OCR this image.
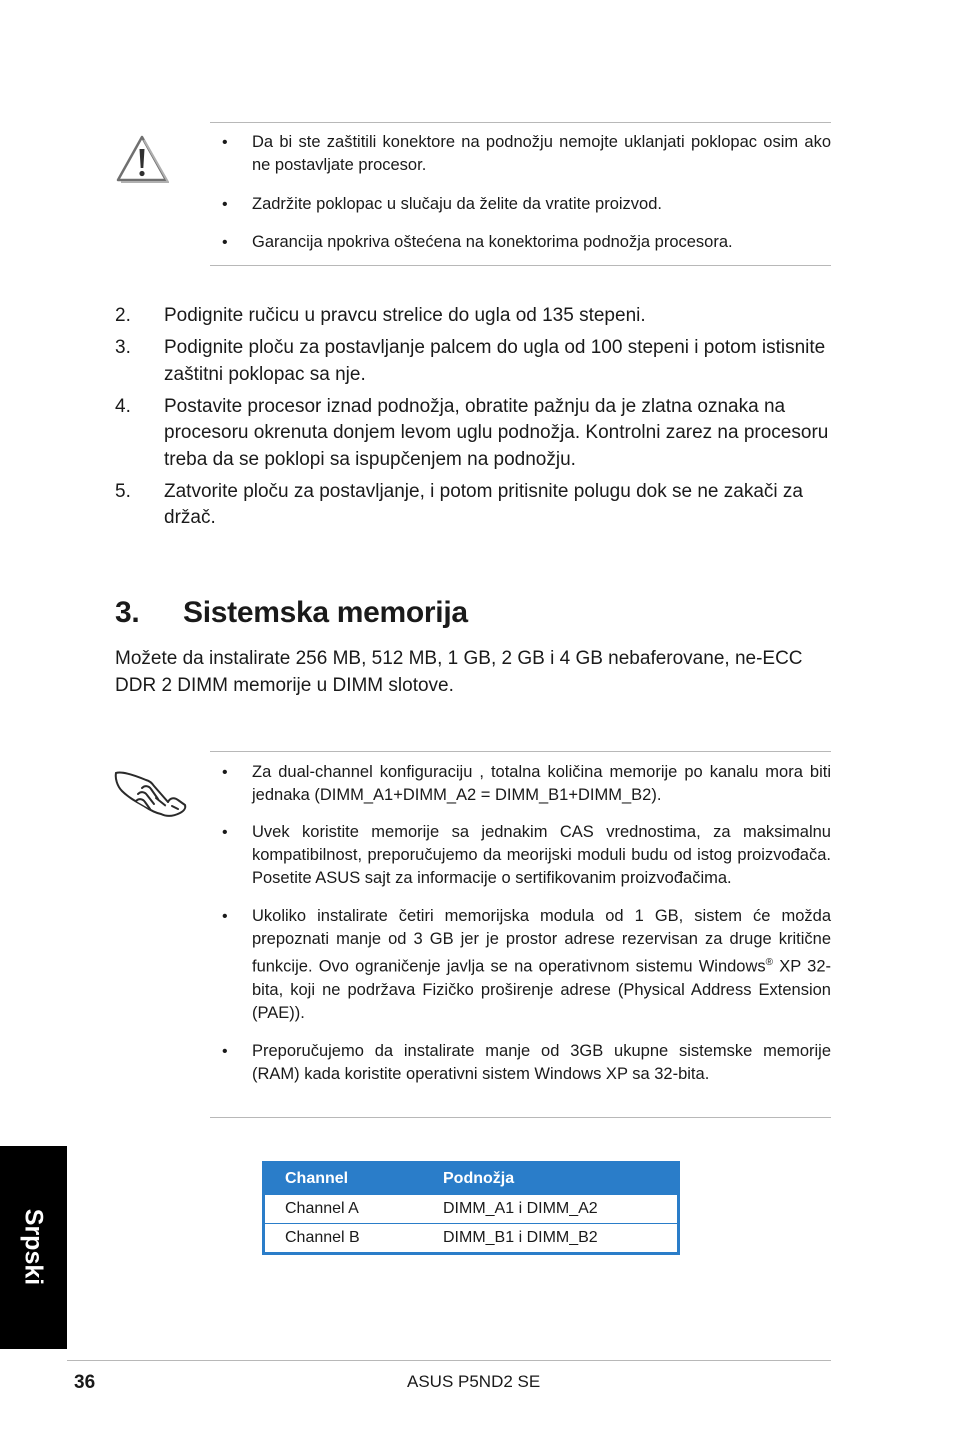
• Da bi ste zaštitili konektore na podnožju nemojte uklanjati poklopac osim ako ne postavljate procesor.
• Zadržite poklopac u slučaju da želite da vratite proizvod.
• Garancija npokriva oštećena na konektorima podnožja procesora.
2. Podignite ručicu u pravcu strelice do ugla od 135 stepeni.
3. Podignite ploču za postavljanje palcem do ugla od 100 stepeni i potom istisnite zaštitni poklopac sa nje.
4. Postavite procesor iznad podnožja, obratite pažnju da je zlatna oznaka na procesoru okrenuta donjem levom uglu podnožja. Kontrolni zarez na procesoru treba da se poklopi sa ispupčenjem na podnožju.
5. Zatvorite ploču za postavljanje, i potom pritisnite polugu dok se ne zakači za držač.
3. Sistemska memorija
Možete da instalirate 256 MB, 512 MB, 1 GB, 2 GB i 4 GB nebaferovane, ne-ECC DDR 2 DIMM memorije u DIMM slotove.
• Za dual-channel konfiguraciju , totalna količina memorije po kanalu mora biti jednaka (DIMM_A1+DIMM_A2 = DIMM_B1+DIMM_B2).
• Uvek koristite memorije sa jednakim CAS vrednostima, za maksimalnu kompatibilnost, preporučujemo da meorijski moduli budu od istog proizvođača. Posetite ASUS sajt za informacije o sertifikovanim proizvođačima.
• Ukoliko instalirate četiri memorijska modula od 1 GB, sistem će možda prepoznati manje od 3 GB jer je prostor adrese rezervisan za druge kritične funkcije. Ovo ograničenje javlja se na operativnom sistemu Windows® XP 32-bita, koji ne podržava Fizičko proširenje adrese (Physical Address Extension (PAE)).
• Preporučujemo da instalirate manje od 3GB ukupne sistemske memorije (RAM) kada koristite operativni sistem Windows XP sa 32-bita.
Channel	Podnožja
Channel A	DIMM_A1 i DIMM_A2
Channel B	DIMM_B1 i DIMM_B2
Srpski
36	ASUS P5ND2 SE
